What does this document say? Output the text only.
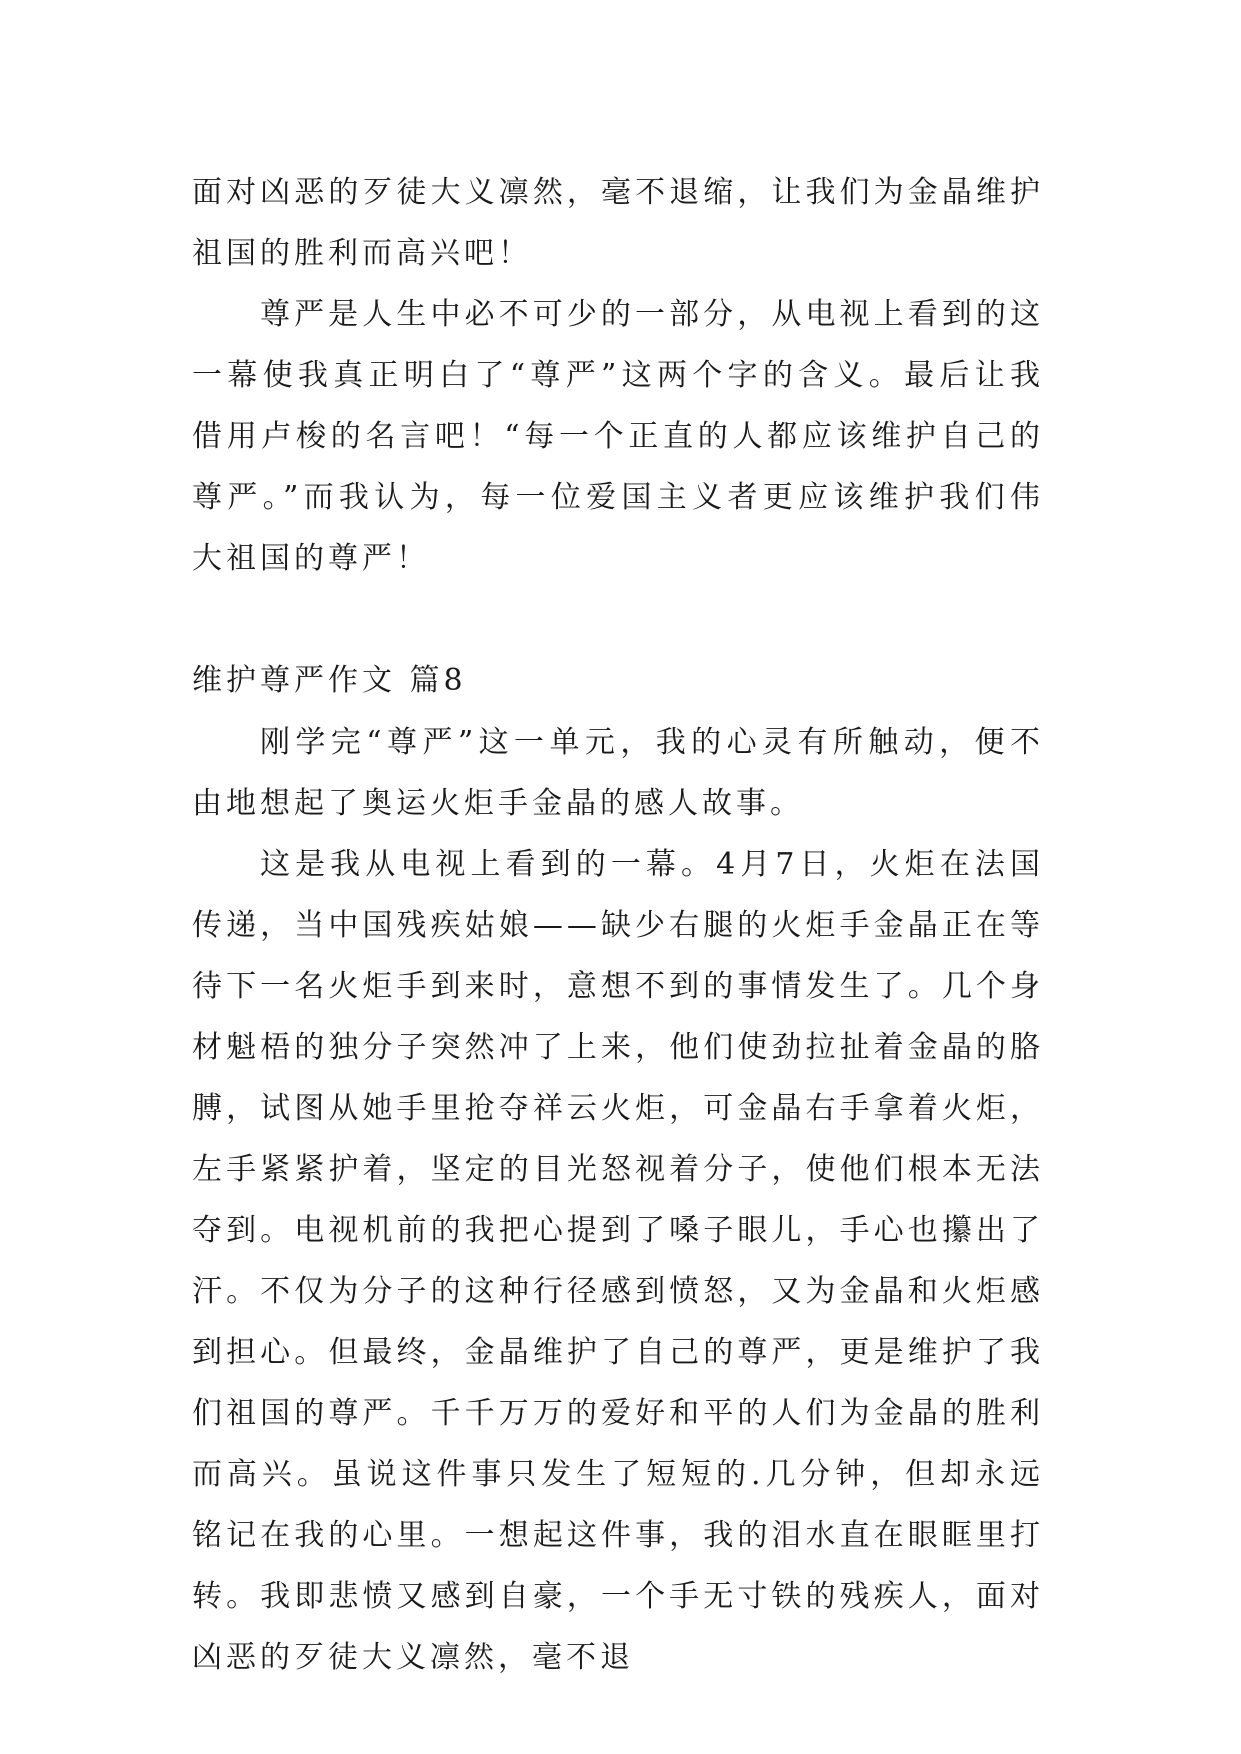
面对凶恶的歹徒大义凛然，毫不退缩，让我们为金晶维护祖国的胜利而高兴吧！

尊严是人生中必不可少的一部分，从电视上看到的这一幕使我真正明白了“尊严”这两个字的含义。最后让我借用卢梭的名言吧！“每一个正直的人都应该维护自己的尊严。”而我认为，每一位爱国主义者更应该维护我们伟大祖国的尊严！

维护尊严作文 篇8

刚学完“尊严”这一单元，我的心灵有所触动，便不由地想起了奥运火炬手金晶的感人故事。

这是我从电视上看到的一幕。4月7日，火炬在法国传递，当中国残疾姑娘——缺少右腿的火炬手金晶正在等待下一名火炬手到来时，意想不到的事情发生了。几个身材魁梧的独分子突然冲了上来，他们使劲拉扯着金晶的胳膊，试图从她手里抢夺祥云火炬，可金晶右手拿着火炬，左手紧紧护着，坚定的目光怒视着分子，使他们根本无法夺到。电视机前的我把心提到了嗓子眼儿，手心也攥出了汗。不仅为分子的这种行径感到愤怒，又为金晶和火炬感到担心。但最终，金晶维护了自己的尊严，更是维护了我们祖国的尊严。千千万万的爱好和平的人们为金晶的胜利而高兴。虽说这件事只发生了短短的.几分钟，但却永远铭记在我的心里。一想起这件事，我的泪水直在眼眶里打转。我即悲愤又感到自豪，一个手无寸铁的残疾人，面对凶恶的歹徒大义凛然，毫不退
